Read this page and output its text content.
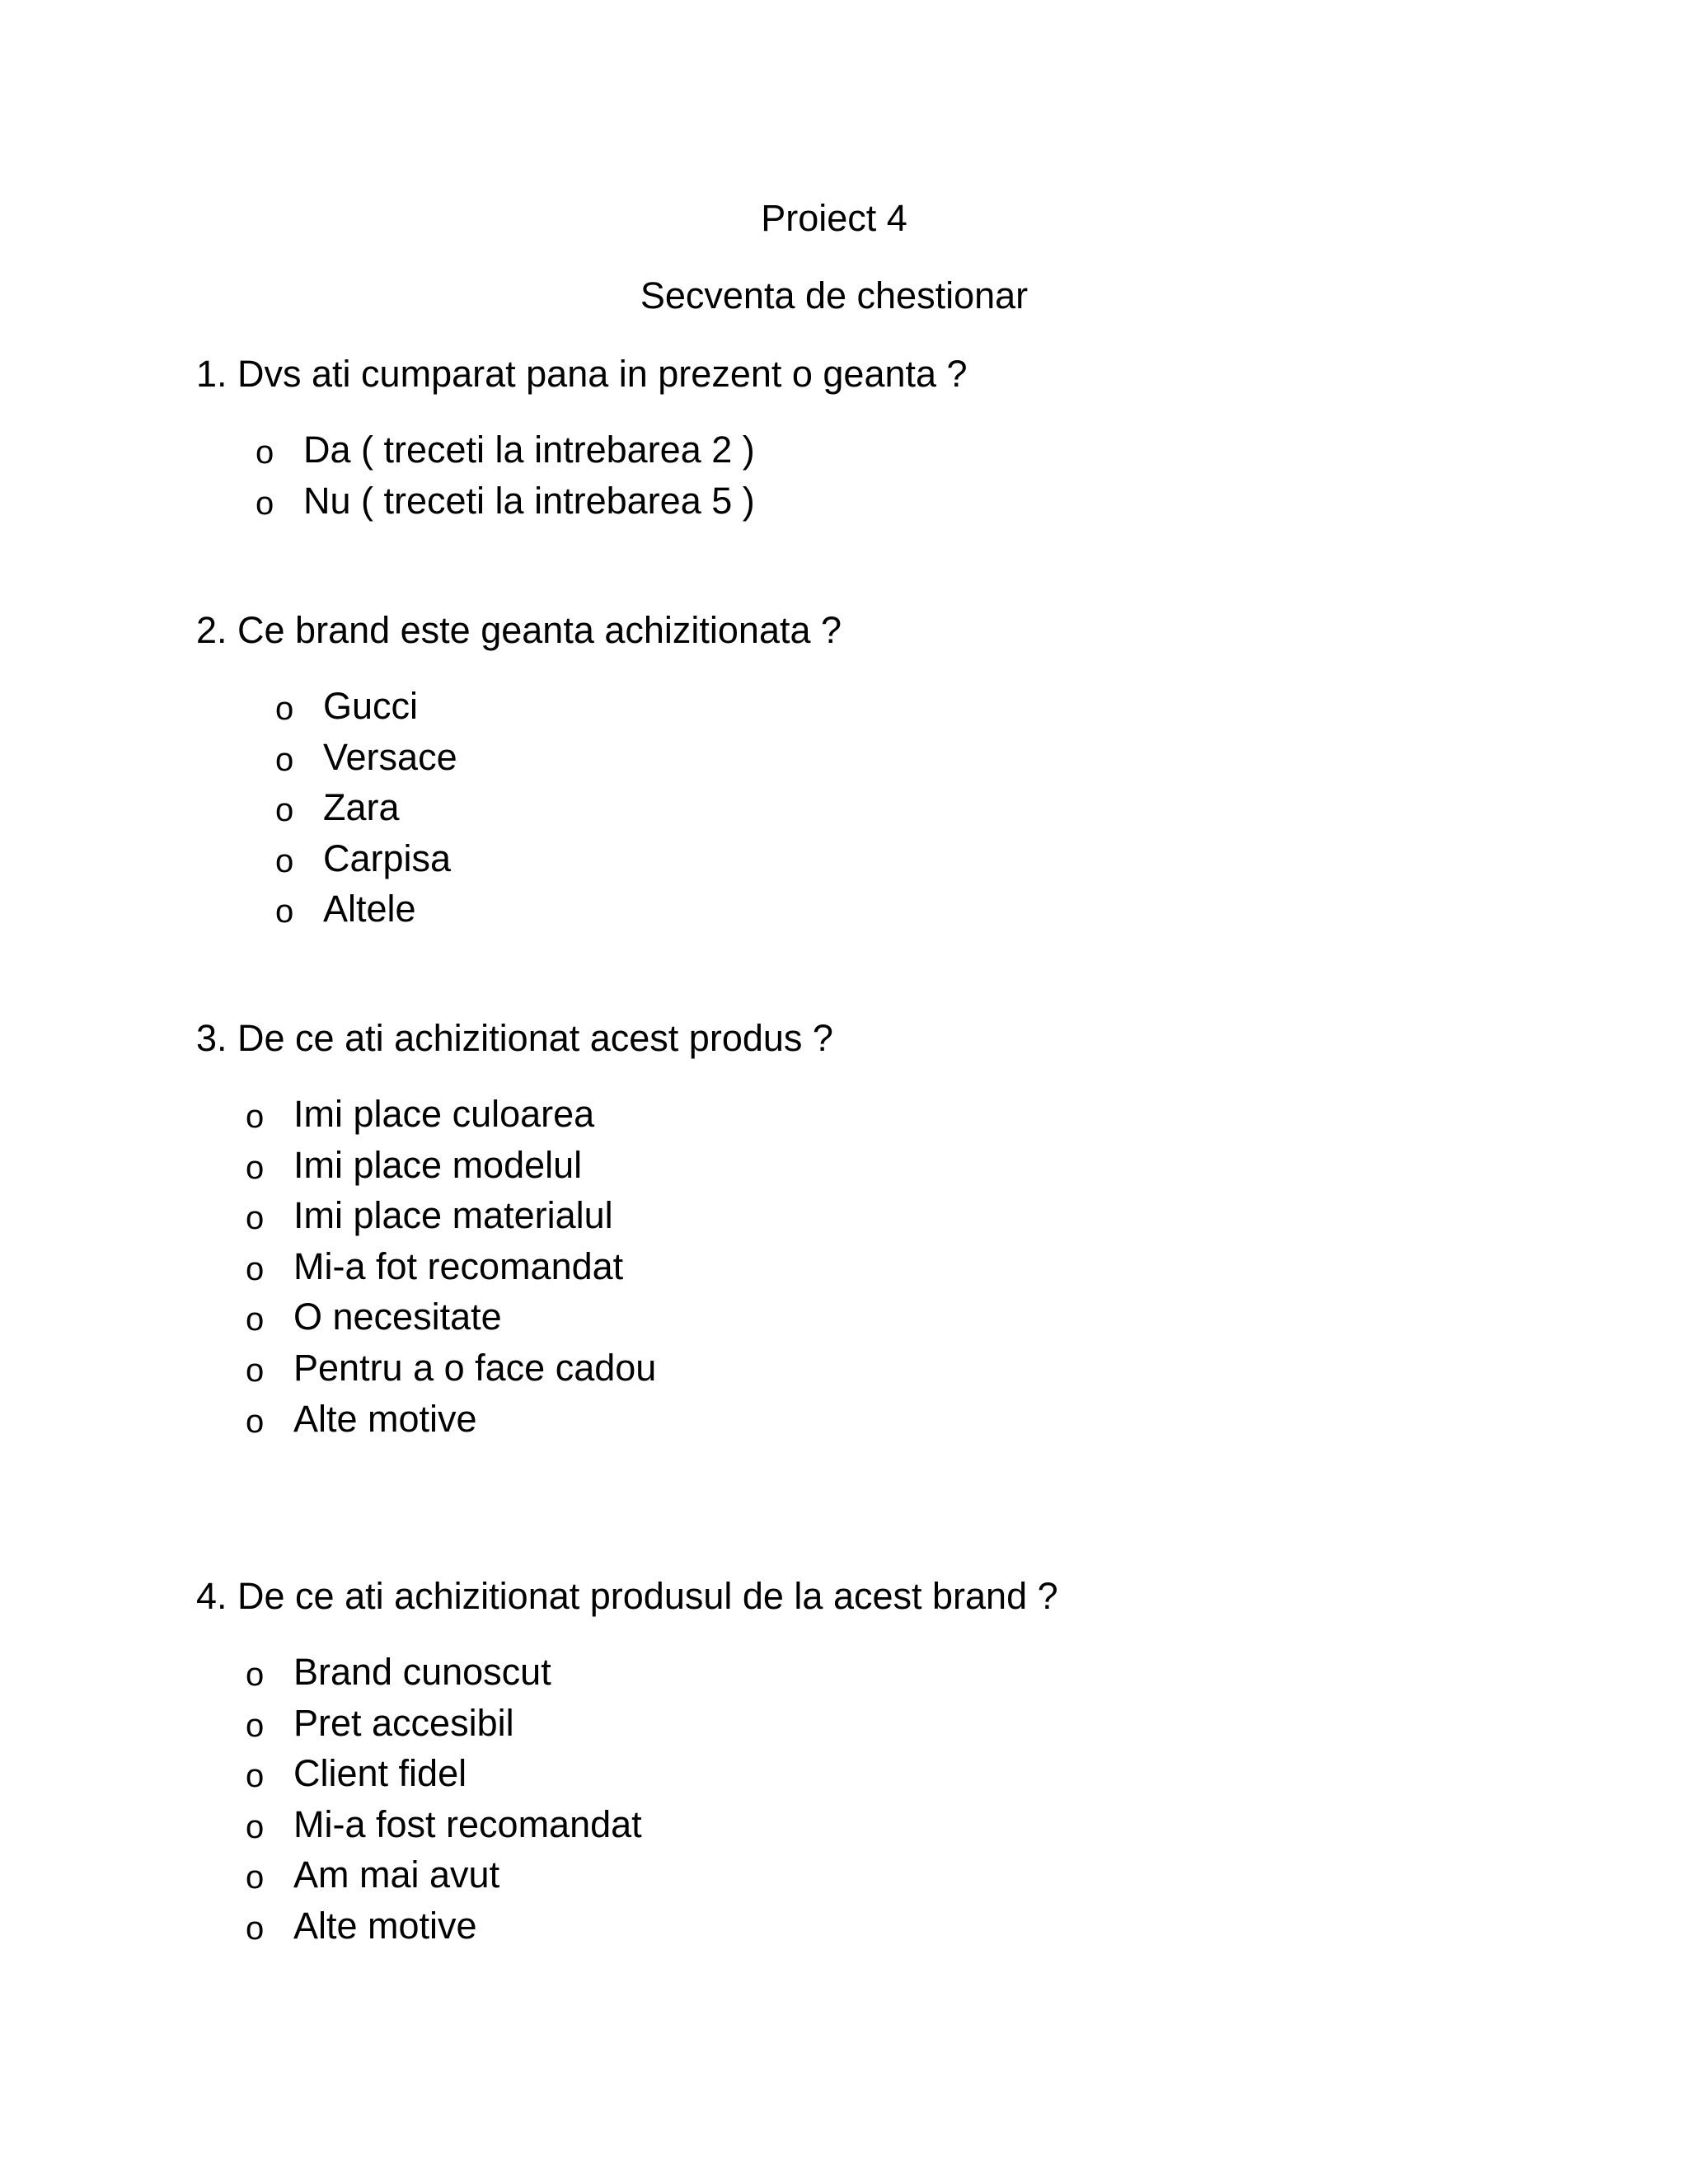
Proiect 4
Secventa de chestionar
1. Dvs ati cumparat pana in prezent o geanta ?
o Da ( treceti la intrebarea 2 )
o Nu ( treceti la intrebarea 5 )
2. Ce brand este geanta achizitionata ?
o Gucci
o Versace
o Zara
o Carpisa
o Altele
3. De ce ati achizitionat acest produs ?
o Imi place culoarea
o Imi place modelul
o Imi place materialul
o Mi-a fot recomandat
o O necesitate
o Pentru a o face cadou
o Alte motive
4. De ce ati achizitionat produsul de la acest brand ?
o Brand cunoscut
o Pret accesibil
o Client fidel
o Mi-a fost recomandat
o Am mai avut
o Alte motive
